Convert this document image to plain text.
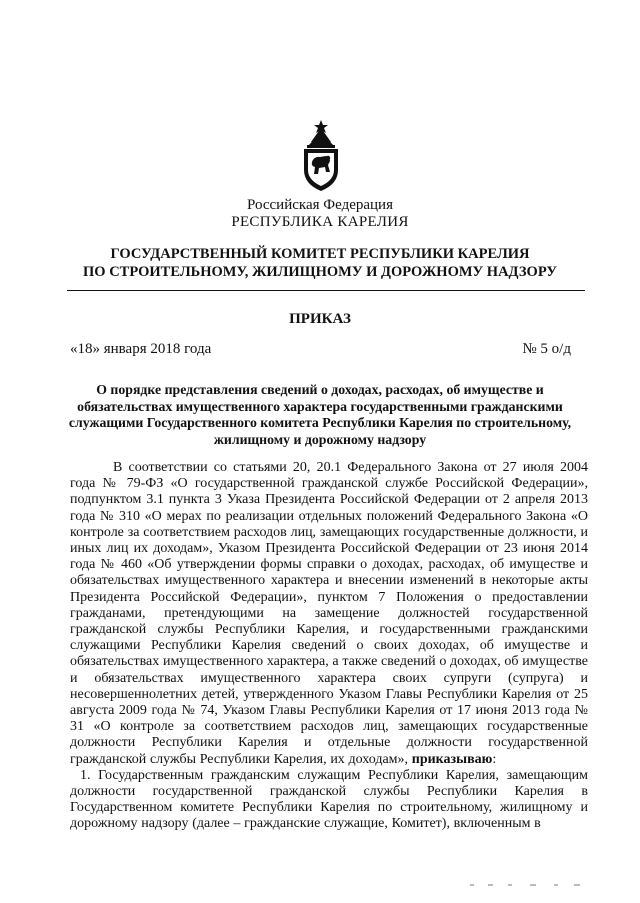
Российская Федерация
РЕСПУБЛИКА КАРЕЛИЯ
ГОСУДАРСТВЕННЫЙ КОМИТЕТ РЕСПУБЛИКИ КАРЕЛИЯ
ПО СТРОИТЕЛЬНОМУ, ЖИЛИЩНОМУ И ДОРОЖНОМУ НАДЗОРУ
ПРИКАЗ
«18» января 2018 года	№ 5 о/д
О порядке представления сведений о доходах, расходах, об имуществе и обязательствах имущественного характера государственными гражданскими служащими Государственного комитета Республики Карелия по строительному, жилищному и дорожному надзору

В соответствии со статьями 20, 20.1 Федерального Закона от 27 июля 2004 года № 79-ФЗ «О государственной гражданской службе Российской Федерации», подпунктом 3.1 пункта 3 Указа Президента Российской Федерации от 2 апреля 2013 года № 310 «О мерах по реализации отдельных положений Федерального Закона «О контроле за соответствием расходов лиц, замещающих государственные должности, и иных лиц их доходам», Указом Президента Российской Федерации от 23 июня 2014 года № 460 «Об утверждении формы справки о доходах, расходах, об имуществе и обязательствах имущественного характера и внесении изменений в некоторые акты Президента Российской Федерации», пунктом 7 Положения о предоставлении гражданами, претендующими на замещение должностей государственной гражданской службы Республики Карелия, и государственными гражданскими служащими Республики Карелия сведений о своих доходах, об имуществе и обязательствах имущественного характера, а также сведений о доходах, об имуществе и обязательствах имущественного характера своих супруги (супруга) и несовершеннолетних детей, утвержденного Указом Главы Республики Карелия от 25 августа 2009 года № 74, Указом Главы Республики Карелия от 17 июня 2013 года № 31 «О контроле за соответствием расходов лиц, замещающих государственные должности Республики Карелия и отдельные должности государственной гражданской службы Республики Карелия, их доходам», приказываю:

1. Государственным гражданским служащим Республики Карелия, замещающим должности государственной гражданской службы Республики Карелия в Государственном комитете Республики Карелия по строительному, жилищному и дорожному надзору (далее – гражданские служащие, Комитет), включенным в
